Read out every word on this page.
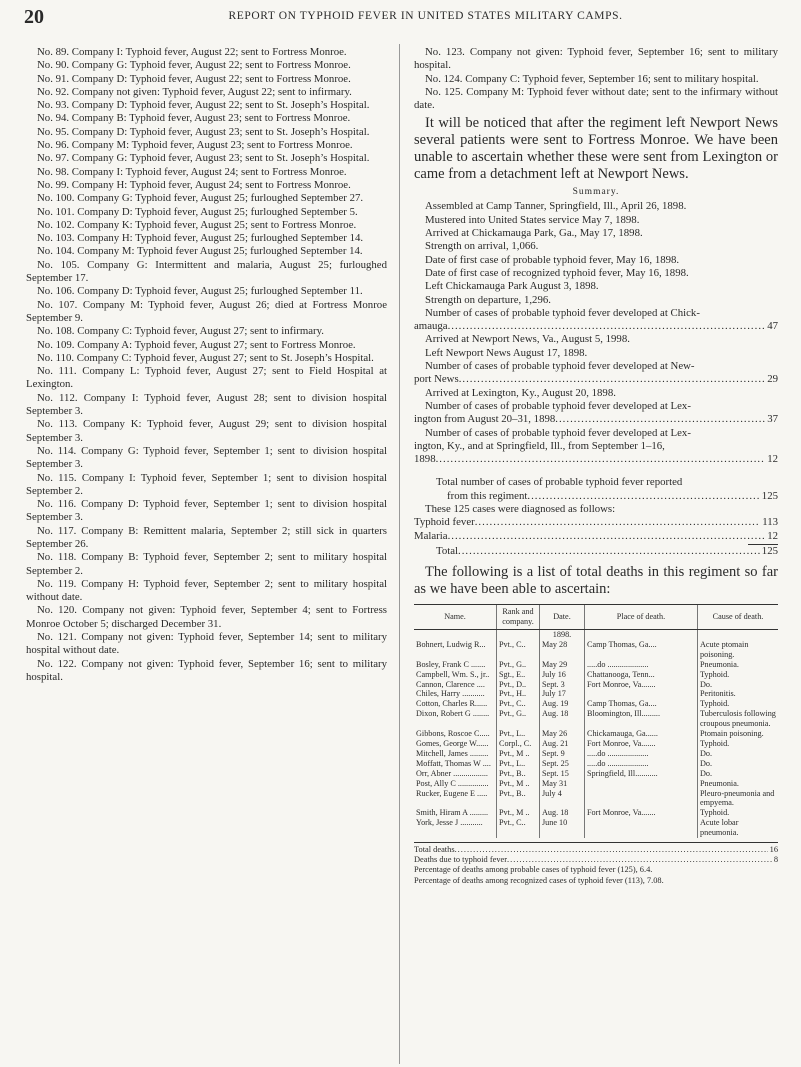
20	REPORT ON TYPHOID FEVER IN UNITED STATES MILITARY CAMPS.

No. 89. Company I: Typhoid fever, August 22; sent to Fortress Monroe.

No. 90. Company G: Typhoid fever, August 22; sent to Fortress Monroe.

No. 91. Company D: Typhoid fever, August 22; sent to Fortress Monroe.

No. 92. Company not given: Typhoid fever, August 22; sent to infirmary.

No. 93. Company D: Typhoid fever, August 22; sent to St. Joseph’s Hospital.

No. 94. Company B: Typhoid fever, August 23; sent to Fortress Monroe.

No. 95. Company D: Typhoid fever, August 23; sent to St. Joseph’s Hospital.

No. 96. Company M: Typhoid fever, August 23; sent to Fortress Monroe.

No. 97. Company G: Typhoid fever, August 23; sent to St. Joseph’s Hospital.

No. 98. Company I: Typhoid fever, August 24; sent to Fortress Monroe.

No. 99. Company H: Typhoid fever, August 24; sent to Fortress Monroe.

No. 100. Company G: Typhoid fever, August 25; furloughed September 27.

No. 101. Company D: Typhoid fever, August 25; furloughed September 5.

No. 102. Company K: Typhoid fever, August 25; sent to Fortress Monroe.

No. 103. Company H: Typhoid fever, August 25; furloughed September 14.

No. 104. Company M: Typhoid fever August 25; furloughed September 14.

No. 105. Company G: Intermittent and malaria, August 25; furloughed September 17.

No. 106. Company D: Typhoid fever, August 25; furloughed September 11.

No. 107. Company M: Typhoid fever, August 26; died at Fortress Monroe September 9.

No. 108. Company C: Typhoid fever, August 27; sent to infirmary.

No. 109. Company A: Typhoid fever, August 27; sent to Fortress Monroe.

No. 110. Company C: Typhoid fever, August 27; sent to St. Joseph’s Hospital.

No. 111. Company L: Typhoid fever, August 27; sent to Field Hospital at Lexington.

No. 112. Company I: Typhoid fever, August 28; sent to division hospital September 3.

No. 113. Company K: Typhoid fever, August 29; sent to division hospital September 3.

No. 114. Company G: Typhoid fever, September 1; sent to division hospital September 3.

No. 115. Company I: Typhoid fever, September 1; sent to division hospital September 2.

No. 116. Company D: Typhoid fever, September 1; sent to division hospital September 3.

No. 117. Company B: Remittent malaria, September 2; still sick in quarters September 26.

No. 118. Company B: Typhoid fever, September 2; sent to military hospital September 2.

No. 119. Company H: Typhoid fever, September 2; sent to military hospital without date.

No. 120. Company not given: Typhoid fever, September 4; sent to Fortress Monroe October 5; discharged December 31.

No. 121. Company not given: Typhoid fever, September 14; sent to military hospital without date.

No. 122. Company not given: Typhoid fever, September 16; sent to military hospital.

No. 123. Company not given: Typhoid fever, September 16; sent to military hospital.

No. 124. Company C: Typhoid fever, September 16; sent to military hospital.

No. 125. Company M: Typhoid fever without date; sent to the infirmary without date.

It will be noticed that after the regiment left Newport News several patients were sent to Fortress Monroe. We have been unable to ascertain whether these were sent from Lexington or came from a detachment left at Newport News.

Summary.

Assembled at Camp Tanner, Springfield, Ill., April 26, 1898.

Mustered into United States service May 7, 1898.

Arrived at Chickamauga Park, Ga., May 17, 1898.

Strength on arrival, 1,066.

Date of first case of probable typhoid fever, May 16, 1898.

Date of first case of recognized typhoid fever, May 16, 1898.

Left Chickamauga Park August 3, 1898.

Strength on departure, 1,296.

Number of cases of probable typhoid fever developed at Chick-

amauga .....	47

Arrived at Newport News, Va., August 5, 1998.

Left Newport News August 17, 1898.

Number of cases of probable typhoid fever developed at New-

port News .....	29

Arrived at Lexington, Ky., August 20, 1898.

Number of cases of probable typhoid fever developed at Lex-

ington from August 20–31, 1898 .....	37

Number of cases of probable typhoid fever developed at Lex-

ington, Ky., and at Springfield, Ill., from September 1–16,
1898 .....	12
Total number of cases of probable typhoid fever reported
from this regiment .....	125
These 125 cases were diagnosed as follows:
Typhoid fever .....	113
Malaria .....	12
Total .....	125

The following is a list of total deaths in this regiment so far as we have been able to ascertain:

Name.	Rank and company.	Date.	Place of death.	Cause of death.
		1898.		
Bohnert, Ludwig R...	Pvt., C..	May 28	Camp Thomas, Ga....	Acute ptomain poisoning.
Bosley, Frank C .......	Pvt., G..	May 29	.....do ....................	Pneumonia.
Campbell, Wm. S., jr..	Sgt., E..	July 16	Chattanooga, Tenn...	Typhoid.
Cannon, Clarence ....	Pvt., D..	Sept. 3	Fort Monroe, Va.......	Do.
Chiles, Harry ...........	Pvt., H..	July 17		Peritonitis.
Cotton, Charles R......	Pvt., C..	Aug. 19	Camp Thomas, Ga....	Typhoid.
Dixon, Robert G ........	Pvt., G..	Aug. 18	Bloomington, Ill.........	Tuberculosis following croupous pneumonia.
Gibbons, Roscoe C.....	Pvt., L..	May 26	Chickamauga, Ga......	Ptomain poisoning.
Gomes, George W......	Corpl., C.	Aug. 21	Fort Monroe, Va.......	Typhoid.
Mitchell, James .........	Pvt., M ..	Sept. 9	.....do ....................	Do.
Moffatt, Thomas W ....	Pvt., L..	Sept. 25	.....do ....................	Do.
Orr, Abner .................	Pvt., B..	Sept. 15	Springfield, Ill...........	Do.
Post, Ally C ...............	Pvt., M ..	May 31		Pneumonia.
Rucker, Eugene E .....	Pvt., B..	July 4		Pleuro-pneumonia and empyema.
Smith, Hiram A .........	Pvt., M ..	Aug. 18	Fort Monroe, Va.......	Typhoid.
York, Jesse J ...........	Pvt., C..	June 10		Acute lobar pneumonia.
Total deaths .....	16
Deaths due to typhoid fever .....	8
Percentage of deaths among probable cases of typhoid fever (125), 6.4.
Percentage of deaths among recognized cases of typhoid fever (113), 7.08.
